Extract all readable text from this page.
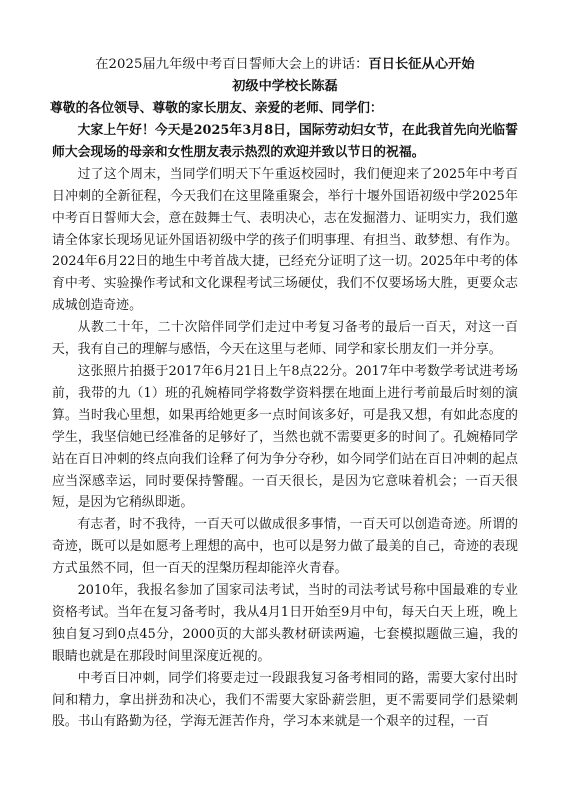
在2025届九年级中考百日誓师大会上的讲话：百日长征从心开始

初级中学校长陈磊

尊敬的各位领导、尊敬的家长朋友、亲爱的老师、同学们：

大家上午好！今天是2025年3月8日，国际劳动妇女节，在此我首先向光临誓师大会现场的母亲和女性朋友表示热烈的欢迎并致以节日的祝福。

过了这个周末，当同学们明天下午重返校园时，我们便迎来了2025年中考百日冲刺的全新征程，今天我们在这里隆重聚会，举行十堰外国语初级中学2025年中考百日誓师大会，意在鼓舞士气、表明决心，志在发掘潜力、证明实力，我们邀请全体家长现场见证外国语初级中学的孩子们明事理、有担当、敢梦想、有作为。2024年6月22日的地生中考首战大捷，已经充分证明了这一切。2025年中考的体育中考、实验操作考试和文化课程考试三场硬仗，我们不仅要场场大胜，更要众志成城创造奇迹。

从教二十年，二十次陪伴同学们走过中考复习备考的最后一百天，对这一百天，我有自己的理解与感悟，今天在这里与老师、同学和家长朋友们一并分享。

这张照片拍摄于2017年6月21日上午8点22分。2017年中考数学考试进考场前，我带的九（1）班的孔婉椿同学将数学资料摆在地面上进行考前最后时刻的演算。当时我心里想，如果再给她更多一点时间该多好，可是我又想，有如此态度的学生，我坚信她已经准备的足够好了，当然也就不需要更多的时间了。孔婉椿同学站在百日冲刺的终点向我们诠释了何为争分夺秒，如今同学们站在百日冲刺的起点应当深感幸运，同时要保持警醒。一百天很长，是因为它意味着机会；一百天很短，是因为它稍纵即逝。

有志者，时不我待，一百天可以做成很多事情，一百天可以创造奇迹。所谓的奇迹，既可以是如愿考上理想的高中，也可以是努力做了最美的自己，奇迹的表现方式虽然不同，但一百天的涅槃历程却能淬火青春。

2010年，我报名参加了国家司法考试，当时的司法考试号称中国最难的专业资格考试。当年在复习备考时，我从4月1日开始至9月中旬，每天白天上班，晚上独自复习到0点45分，2000页的大部头教材研读两遍，七套模拟题做三遍，我的眼睛也就是在那段时间里深度近视的。

中考百日冲刺，同学们将要走过一段跟我复习备考相同的路，需要大家付出时间和精力，拿出拼劲和决心，我们不需要大家卧薪尝胆，更不需要同学们悬梁刺股。书山有路勤为径，学海无涯苦作舟，学习本来就是一个艰辛的过程，一百
